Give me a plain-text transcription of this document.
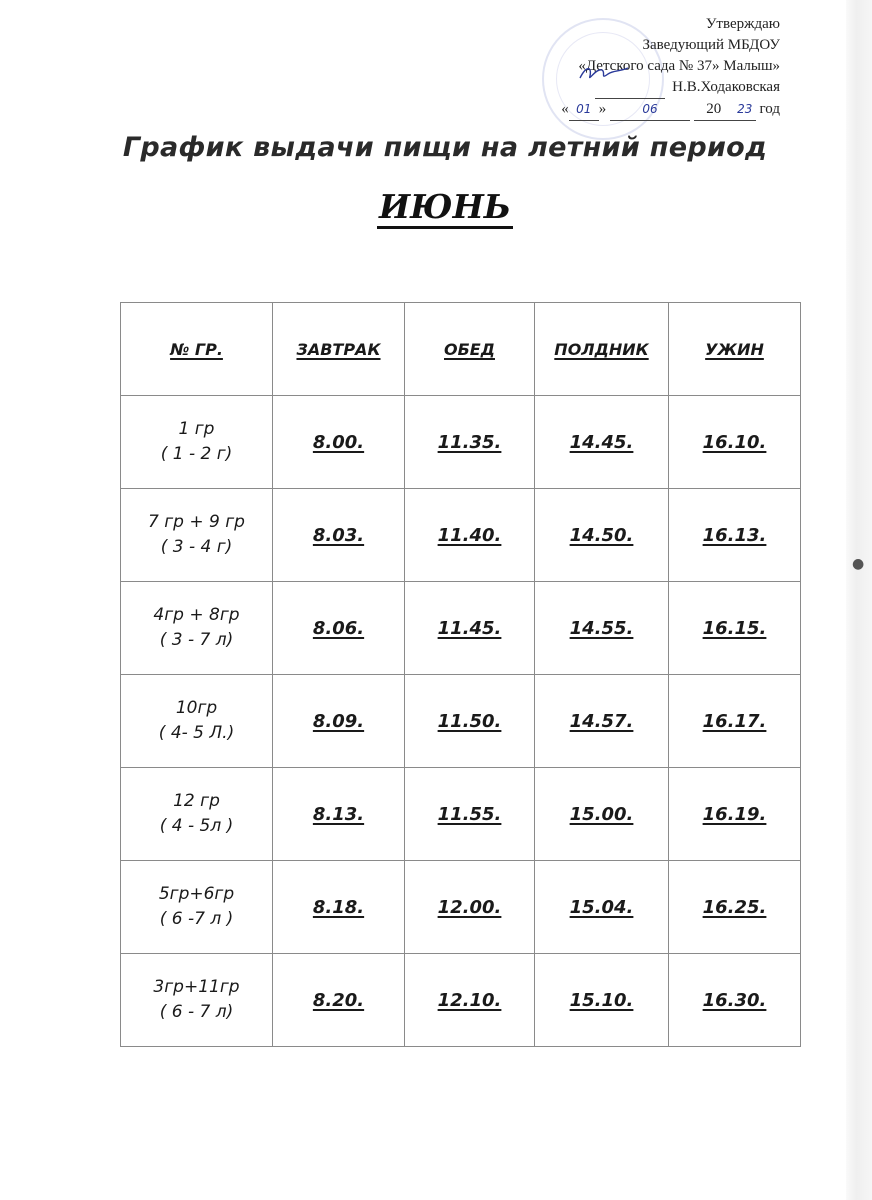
Утверждаю
Заведующий МБДОУ
«Детского сада № 37» Малыш»
Н.В.Ходаковская
« 01 »	06	20 23 год
График выдачи пищи на летний период
ИЮНЬ
№ ГР.	ЗАВТРАК	ОБЕД	ПОЛДНИК	УЖИН

1 гр
( 1 - 2 г)	8.00.	11.35.	14.45.	16.10.

7 гр + 9 гр
( 3 - 4 г)	8.03.	11.40.	14.50.	16.13.

4гр + 8гр
( 3 - 7 л)	8.06.	11.45.	14.55.	16.15.

10гр
( 4- 5 Л.)	8.09.	11.50.	14.57.	16.17.

12 гр
( 4 - 5л )	8.13.	11.55.	15.00.	16.19.

5гр+6гр
( 6 -7 л )	8.18.	12.00.	15.04.	16.25.

3гр+11гр
( 6 - 7 л)	8.20.	12.10.	15.10.	16.30.
●
